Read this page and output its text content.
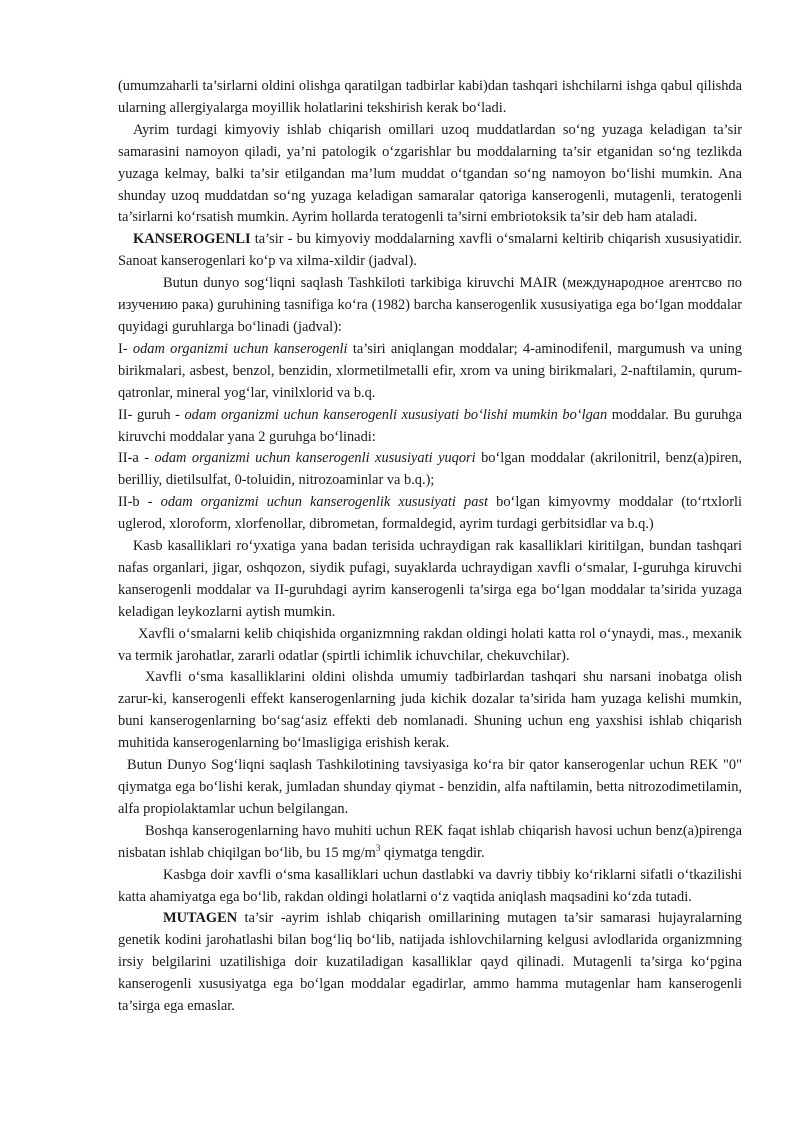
(umumzaharli ta’sirlarni oldini olishga qaratilgan tadbirlar kabi)dan tashqari ishchilarni ishga qabul qilishda ularning allergiyalarga moyillik holatlarini tekshirish kerak bo‘ladi.

Ayrim turdagi kimyoviy ishlab chiqarish omillari uzoq muddatlardan so‘ng yuzaga keladigan ta’sir samarasini namoyon qiladi, ya’ni patologik o‘zgarishlar bu moddalarning ta’sir etganidan so‘ng tezlikda yuzaga kelmay, balki ta’sir etilgandan ma’lum muddat o‘tgandan so‘ng namoyon bo‘lishi mumkin. Ana shunday uzoq muddatdan so‘ng yuzaga keladigan samaralar qatoriga kanserogenli, mutagenli, teratogenli ta’sirlarni ko‘rsatish mumkin. Ayrim hollarda teratogenli ta’sirni embriotoksik ta’sir deb ham ataladi.

KANSEROGENLI ta’sir - bu kimyoviy moddalarning xavfli o‘smalarni keltirib chiqarish xususiyatidir. Sanoat kanserogenlari ko‘p va xilma-xildir (jadval).

Butun dunyo sog‘liqni saqlash Tashkiloti tarkibiga kiruvchi MAIR (международное агентсво по изучению рака) guruhining tasnifiga ko‘ra (1982) barcha kanserogenlik xususiyatiga ega bo‘lgan moddalar quyidagi guruhlarga bo‘linadi (jadval):

I- odam organizmi uchun kanserogenli ta’siri aniqlangan moddalar; 4-aminodifenil, margumush va uning birikmalari, asbest, benzol, benzidin, xlormetilmetalli efir, xrom va uning birikmalari, 2-naftilamin, qurum- qatronlar, mineral yog‘lar, vinilxlorid va b.q.

II- guruh - odam organizmi uchun kanserogenli xususiyati bo‘lishi mumkin bo‘lgan moddalar. Bu guruhga kiruvchi moddalar yana 2 guruhga bo‘linadi:

II-a - odam organizmi uchun kanserogenli xususiyati yuqori bo‘lgan moddalar (akrilonitril, benz(a)piren, berilliy, dietilsulfat, 0-toluidin, nitrozoaminlar va b.q.);

II-b - odam organizmi uchun kanserogenlik xususiyati past bo‘lgan kimyovmy moddalar (to‘rtxlorli uglerod, xloroform, xlorfenollar, dibrometan, formaldegid, ayrim turdagi gerbitsidlar va b.q.)

Kasb kasalliklari ro‘yxatiga yana badan terisida uchraydigan rak kasalliklari kiritilgan, bundan tashqari nafas organlari, jigar, oshqozon, siydik pufagi, suyaklarda uchraydigan xavfli o‘smalar, I-guruhga kiruvchi kanserogenli moddalar va II-guruhdagi ayrim kanserogenli ta’sirga ega bo‘lgan moddalar ta’sirida yuzaga keladigan leykozlarni aytish mumkin.

Xavfli o‘smalarni kelib chiqishida organizmning rakdan oldingi holati katta rol o‘ynaydi, mas., mexanik va termik jarohatlar, zararli odatlar (spirtli ichimlik ichuvchilar, chekuvchilar).

Xavfli o‘sma kasalliklarini oldini olishda umumiy tadbirlardan tashqari shu narsani inobatga olish zarur-ki, kanserogenli effekt kanserogenlarning juda kichik dozalar ta’sirida ham yuzaga kelishi mumkin, buni kanserogenlarning bo‘sag‘asiz effekti deb nomlanadi. Shuning uchun eng yaxshisi ishlab chiqarish muhitida kanserogenlarning bo‘lmasligiga erishish kerak.

Butun Dunyo Sog‘liqni saqlash Tashkilotining tavsiyasiga ko‘ra bir qator kanserogenlar uchun REK "0" qiymatga ega bo‘lishi kerak, jumladan shunday qiymat - benzidin, alfa naftilamin, betta nitrozodimetilamin, alfa propiolaktamlar uchun belgilangan.

Boshqa kanserogenlarning havo muhiti uchun REK faqat ishlab chiqarish havosi uchun benz(a)pirenga nisbatan ishlab chiqilgan bo‘lib, bu 15 $mg/m^3$ qiymatga tengdir.

Kasbga doir xavfli o‘sma kasalliklari uchun dastlabki va davriy tibbiy ko‘riklarni sifatli o‘tkazilishi katta ahamiyatga ega bo‘lib, rakdan oldingi holatlarni o‘z vaqtida aniqlash maqsadini ko‘zda tutadi.

MUTAGEN ta’sir -ayrim ishlab chiqarish omillarining mutagen ta’sir samarasi hujayralarning genetik kodini jarohatlashi bilan bog‘liq bo‘lib, natijada ishlovchilarning kelgusi avlodlarida organizmning irsiy belgilarini uzatilishiga doir kuzatiladigan kasalliklar qayd qilinadi. Mutagenli ta’sirga ko‘pgina kanserogenli xususiyatga ega bo‘lgan moddalar egadirlar, ammo hamma mutagenlar ham kanserogenli ta’sirga ega emaslar.
